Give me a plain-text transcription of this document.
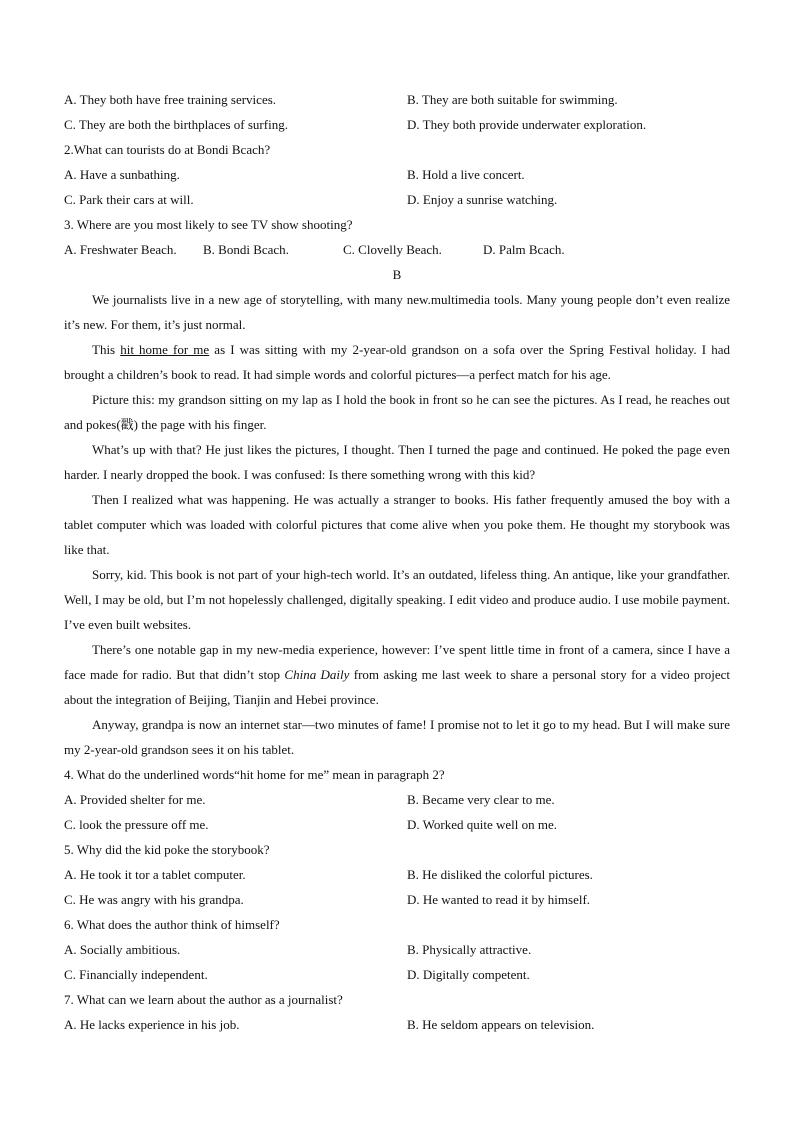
A. They both have free training services.	B. They are both suitable for swimming.
C. They are both the birthplaces of surfing.	D. They both provide underwater exploration.
2.What can tourists do at Bondi Bcach?
A. Have a sunbathing.	B. Hold a live concert.
C. Park their cars at will.	D. Enjoy a sunrise watching.
3. Where are you most likely to see TV show shooting?
A. Freshwater Beach. B. Bondi Bcach.	C. Clovelly Beach.	D. Palm Bcach.
B
We journalists live in a new age of storytelling, with many new.multimedia tools. Many young people don’t even realize it’s new. For them, it’s just normal.
This hit home for me as I was sitting with my 2-year-old grandson on a sofa over the Spring Festival holiday. I had brought a children’s book to read. It had simple words and colorful pictures—a perfect match for his age.
Picture this: my grandson sitting on my lap as I hold the book in front so he can see the pictures. As I read, he reaches out and pokes(戳) the page with his finger.
What’s up with that? He just likes the pictures, I thought. Then I turned the page and continued. He poked the page even harder. I nearly dropped the book. I was confused: Is there something wrong with this kid?
Then I realized what was happening. He was actually a stranger to books. His father frequently amused the boy with a tablet computer which was loaded with colorful pictures that come alive when you poke them. He thought my storybook was like that.
Sorry, kid. This book is not part of your high-tech world. It’s an outdated, lifeless thing. An antique, like your grandfather. Well, I may be old, but I’m not hopelessly challenged, digitally speaking. I edit video and produce audio. I use mobile payment. I’ve even built websites.
There’s one notable gap in my new-media experience, however: I’ve spent little time in front of a camera, since I have a face made for radio. But that didn’t stop China Daily from asking me last week to share a personal story for a video project about the integration of Beijing, Tianjin and Hebei province.
Anyway, grandpa is now an internet star—two minutes of fame! I promise not to let it go to my head. But I will make sure my 2-year-old grandson sees it on his tablet.
4. What do the underlined words“hit home for me” mean in paragraph 2?
A. Provided shelter for me.	B. Became very clear to me.
C. look the pressure off me.	D. Worked quite well on me.
5. Why did the kid poke the storybook?
A. He took it tor a tablet computer.	B. He disliked the colorful pictures.
C. He was angry with his grandpa.	D. He wanted to read it by himself.
6. What does the author think of himself?
A. Socially ambitious.	B. Physically attractive.
C. Financially independent.	D. Digitally competent.
7. What can we learn about the author as a journalist?
A. He lacks experience in his job.	B. He seldom appears on television.
